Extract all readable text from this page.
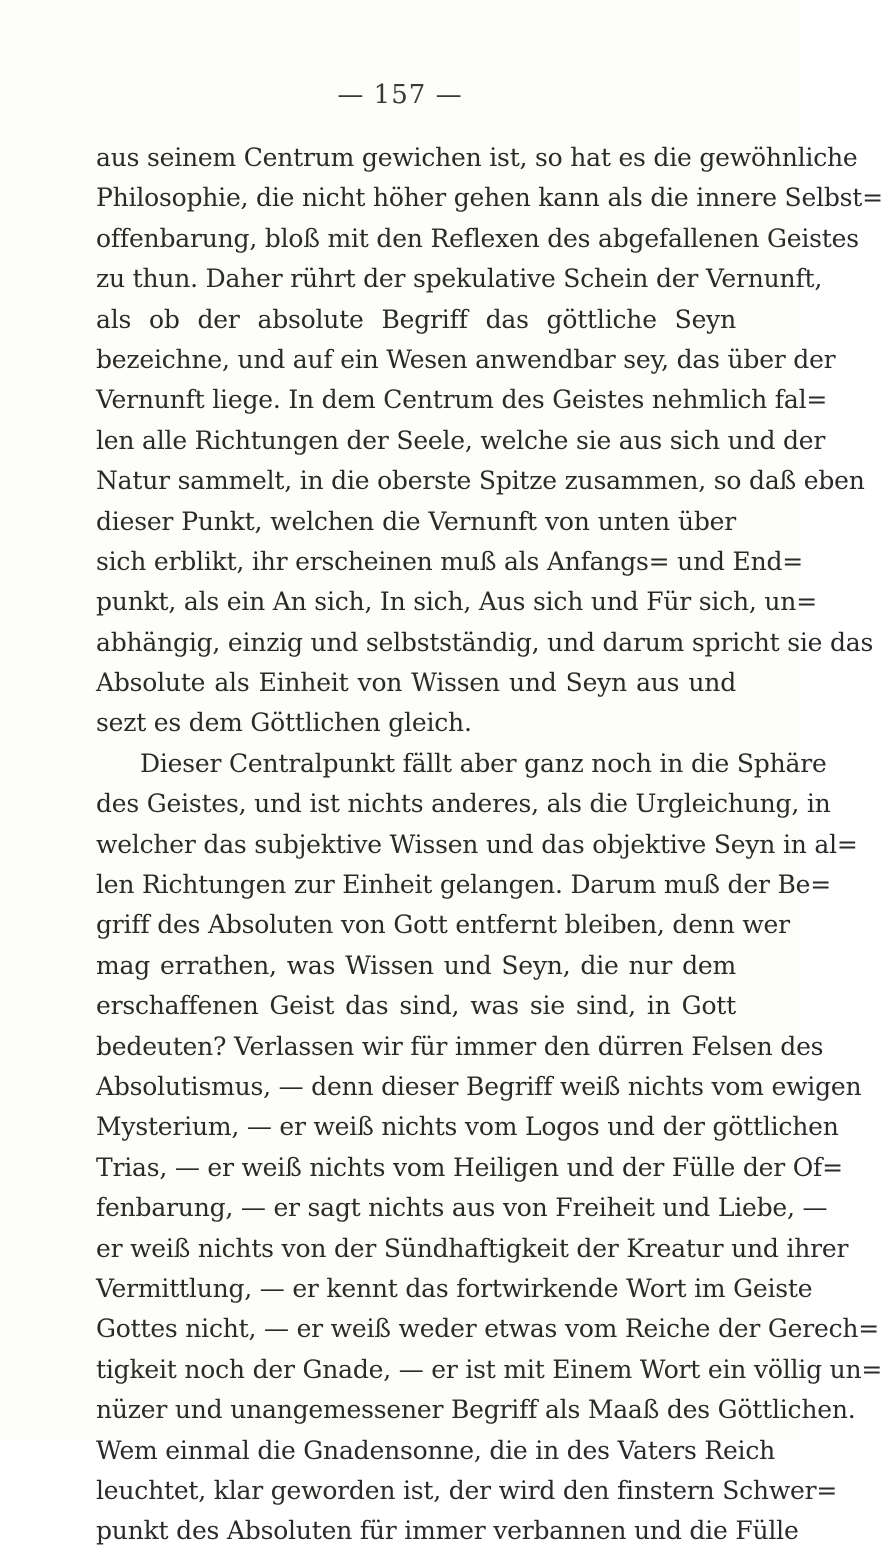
— 157 —

aus seinem Centrum gewichen ist, so hat es die gewöhnliche
Philosophie, die nicht höher gehen kann als die innere Selbst=
offenbarung, bloß mit den Reflexen des abgefallenen Geistes
zu thun. Daher rührt der spekulative Schein der Vernunft,
als ob der absolute Begriff das göttliche Seyn
bezeichne, und auf ein Wesen anwendbar sey, das über der
Vernunft liege. In dem Centrum des Geistes nehmlich fal=
len alle Richtungen der Seele, welche sie aus sich und der
Natur sammelt, in die oberste Spitze zusammen, so daß eben
dieser Punkt, welchen die Vernunft von unten über
sich erblikt, ihr erscheinen muß als Anfangs= und End=
punkt, als ein An sich, In sich, Aus sich und Für sich, un=
abhängig, einzig und selbstständig, und darum spricht sie das
Absolute als Einheit von Wissen und Seyn aus und
sezt es dem Göttlichen gleich.

Dieser Centralpunkt fällt aber ganz noch in die Sphäre
des Geistes, und ist nichts anderes, als die Urgleichung, in
welcher das subjektive Wissen und das objektive Seyn in al=
len Richtungen zur Einheit gelangen. Darum muß der Be=
griff des Absoluten von Gott entfernt bleiben, denn wer
mag errathen, was Wissen und Seyn, die nur dem
erschaffenen Geist das sind, was sie sind, in Gott
bedeuten? Verlassen wir für immer den dürren Felsen des
Absolutismus, — denn dieser Begriff weiß nichts vom ewigen
Mysterium, — er weiß nichts vom Logos und der göttlichen
Trias, — er weiß nichts vom Heiligen und der Fülle der Of=
fenbarung, — er sagt nichts aus von Freiheit und Liebe, —
er weiß nichts von der Sündhaftigkeit der Kreatur und ihrer
Vermittlung, — er kennt das fortwirkende Wort im Geiste
Gottes nicht, — er weiß weder etwas vom Reiche der Gerech=
tigkeit noch der Gnade, — er ist mit Einem Wort ein völlig un=
nüzer und unangemessener Begriff als Maaß des Göttlichen.
Wem einmal die Gnadensonne, die in des Vaters Reich
leuchtet, klar geworden ist, der wird den finstern Schwer=
punkt des Absoluten für immer verbannen und die Fülle
